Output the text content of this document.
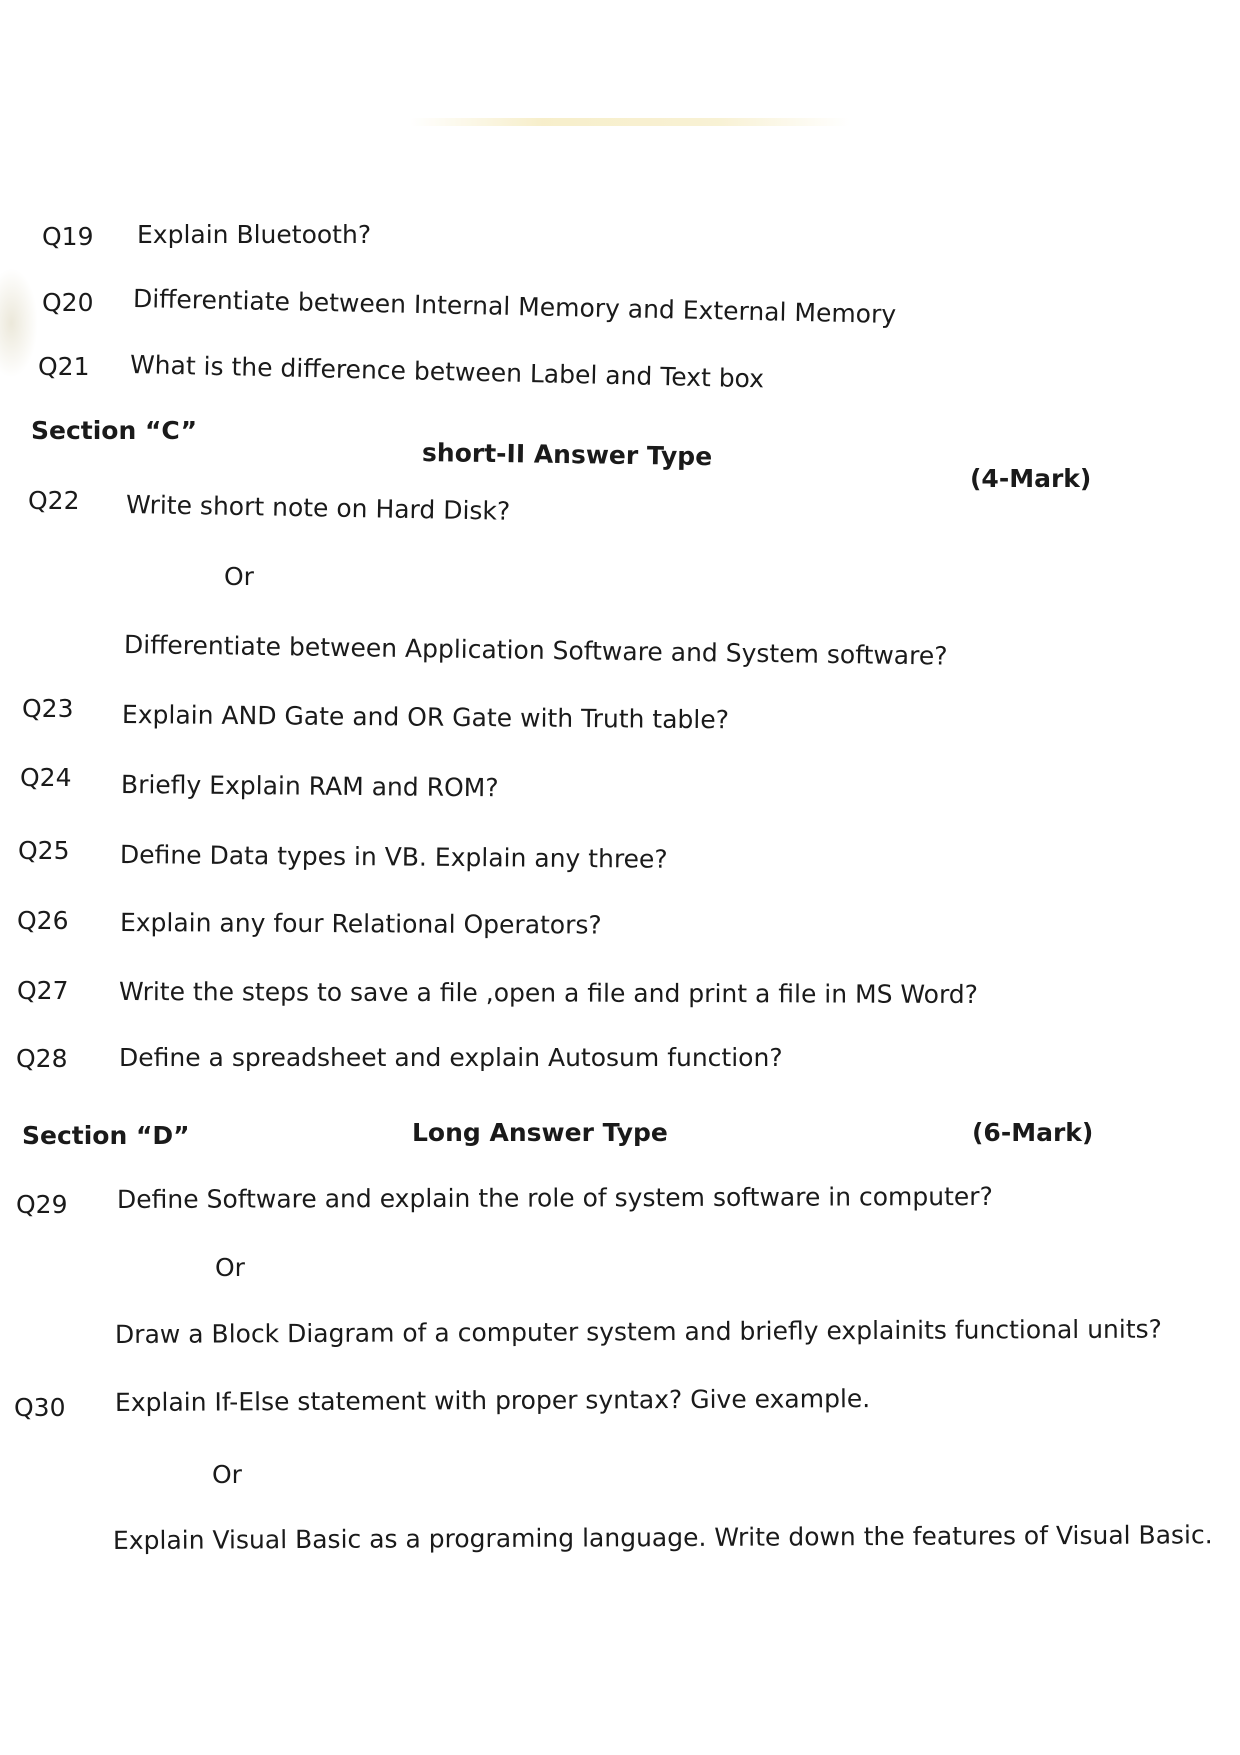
Q19 Explain Bluetooth?
Q20 Differentiate between Internal Memory and External Memory
Q21 What is the difference between Label and Text box
Section “C”
short-II Answer Type
(4-Mark)
Q22 Write short note on Hard Disk?
Or
Differentiate between Application Software and System software?
Q23 Explain AND Gate and OR Gate with Truth table?
Q24 Briefly Explain RAM and ROM?
Q25 Define Data types in VB. Explain any three?
Q26 Explain any four Relational Operators?
Q27 Write the steps to save a file ,open a file and print a file in MS Word?
Q28 Define a spreadsheet and explain Autosum function?
Section “D”	Long Answer Type	(6-Mark)
Q29 Define Software and explain the role of system software in computer?
Or
Draw a Block Diagram of a computer system and briefly explainits functional units?
Q30 Explain If-Else statement with proper syntax? Give example.
Or
Explain Visual Basic as a programing language. Write down the features of Visual Basic.
